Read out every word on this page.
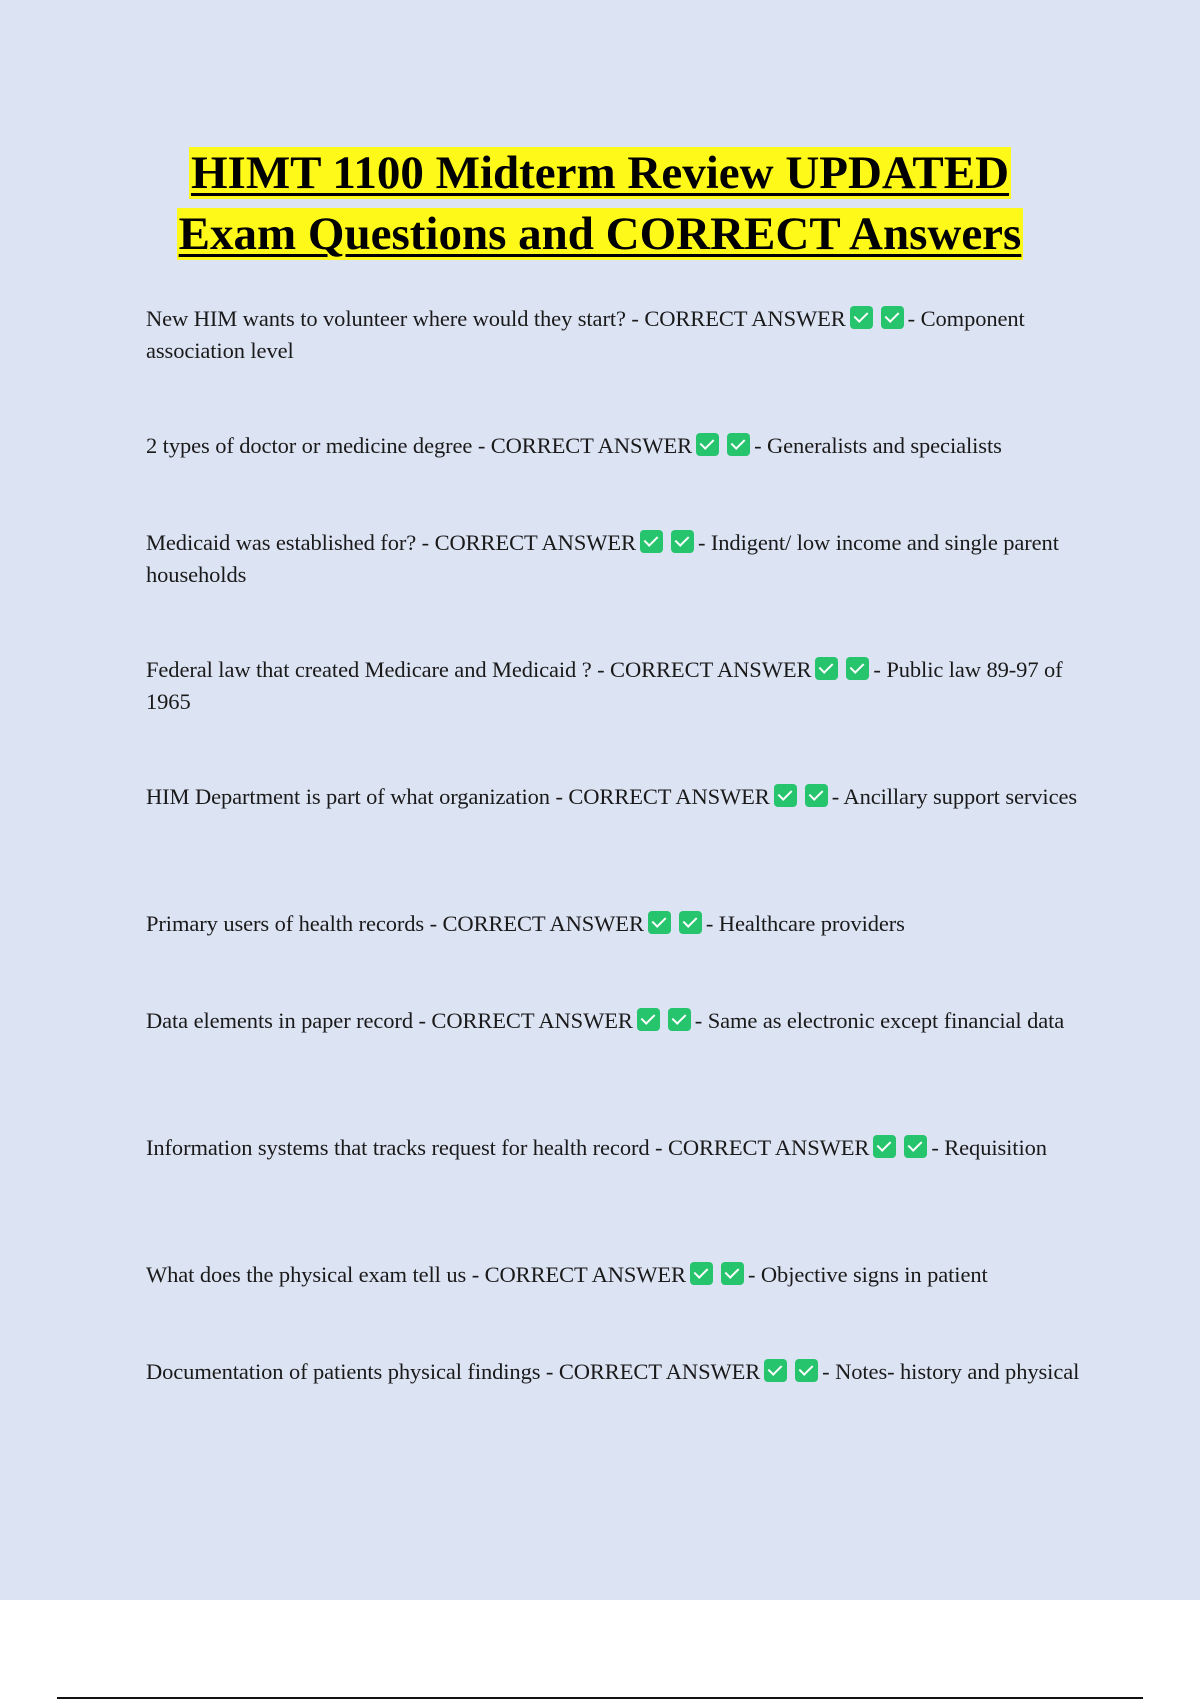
HIMT 1100 Midterm Review UPDATED
Exam Questions and CORRECT Answers

New HIM wants to volunteer where would they start? - CORRECT ANSWER	- Component association level

2 types of doctor or medicine degree - CORRECT ANSWER	- Generalists and specialists

Medicaid was established for? - CORRECT ANSWER	- Indigent/ low income and single parent households

Federal law that created Medicare and Medicaid ? - CORRECT ANSWER	- Public law 89-97 of 1965

HIM Department is part of what organization - CORRECT ANSWER	- Ancillary support services

Primary users of health records - CORRECT ANSWER	- Healthcare providers

Data elements in paper record - CORRECT ANSWER	- Same as electronic except financial data

Information systems that tracks request for health record - CORRECT ANSWER	- Requisition

What does the physical exam tell us - CORRECT ANSWER	- Objective signs in patient

Documentation of patients physical findings - CORRECT ANSWER	- Notes- history and physical
